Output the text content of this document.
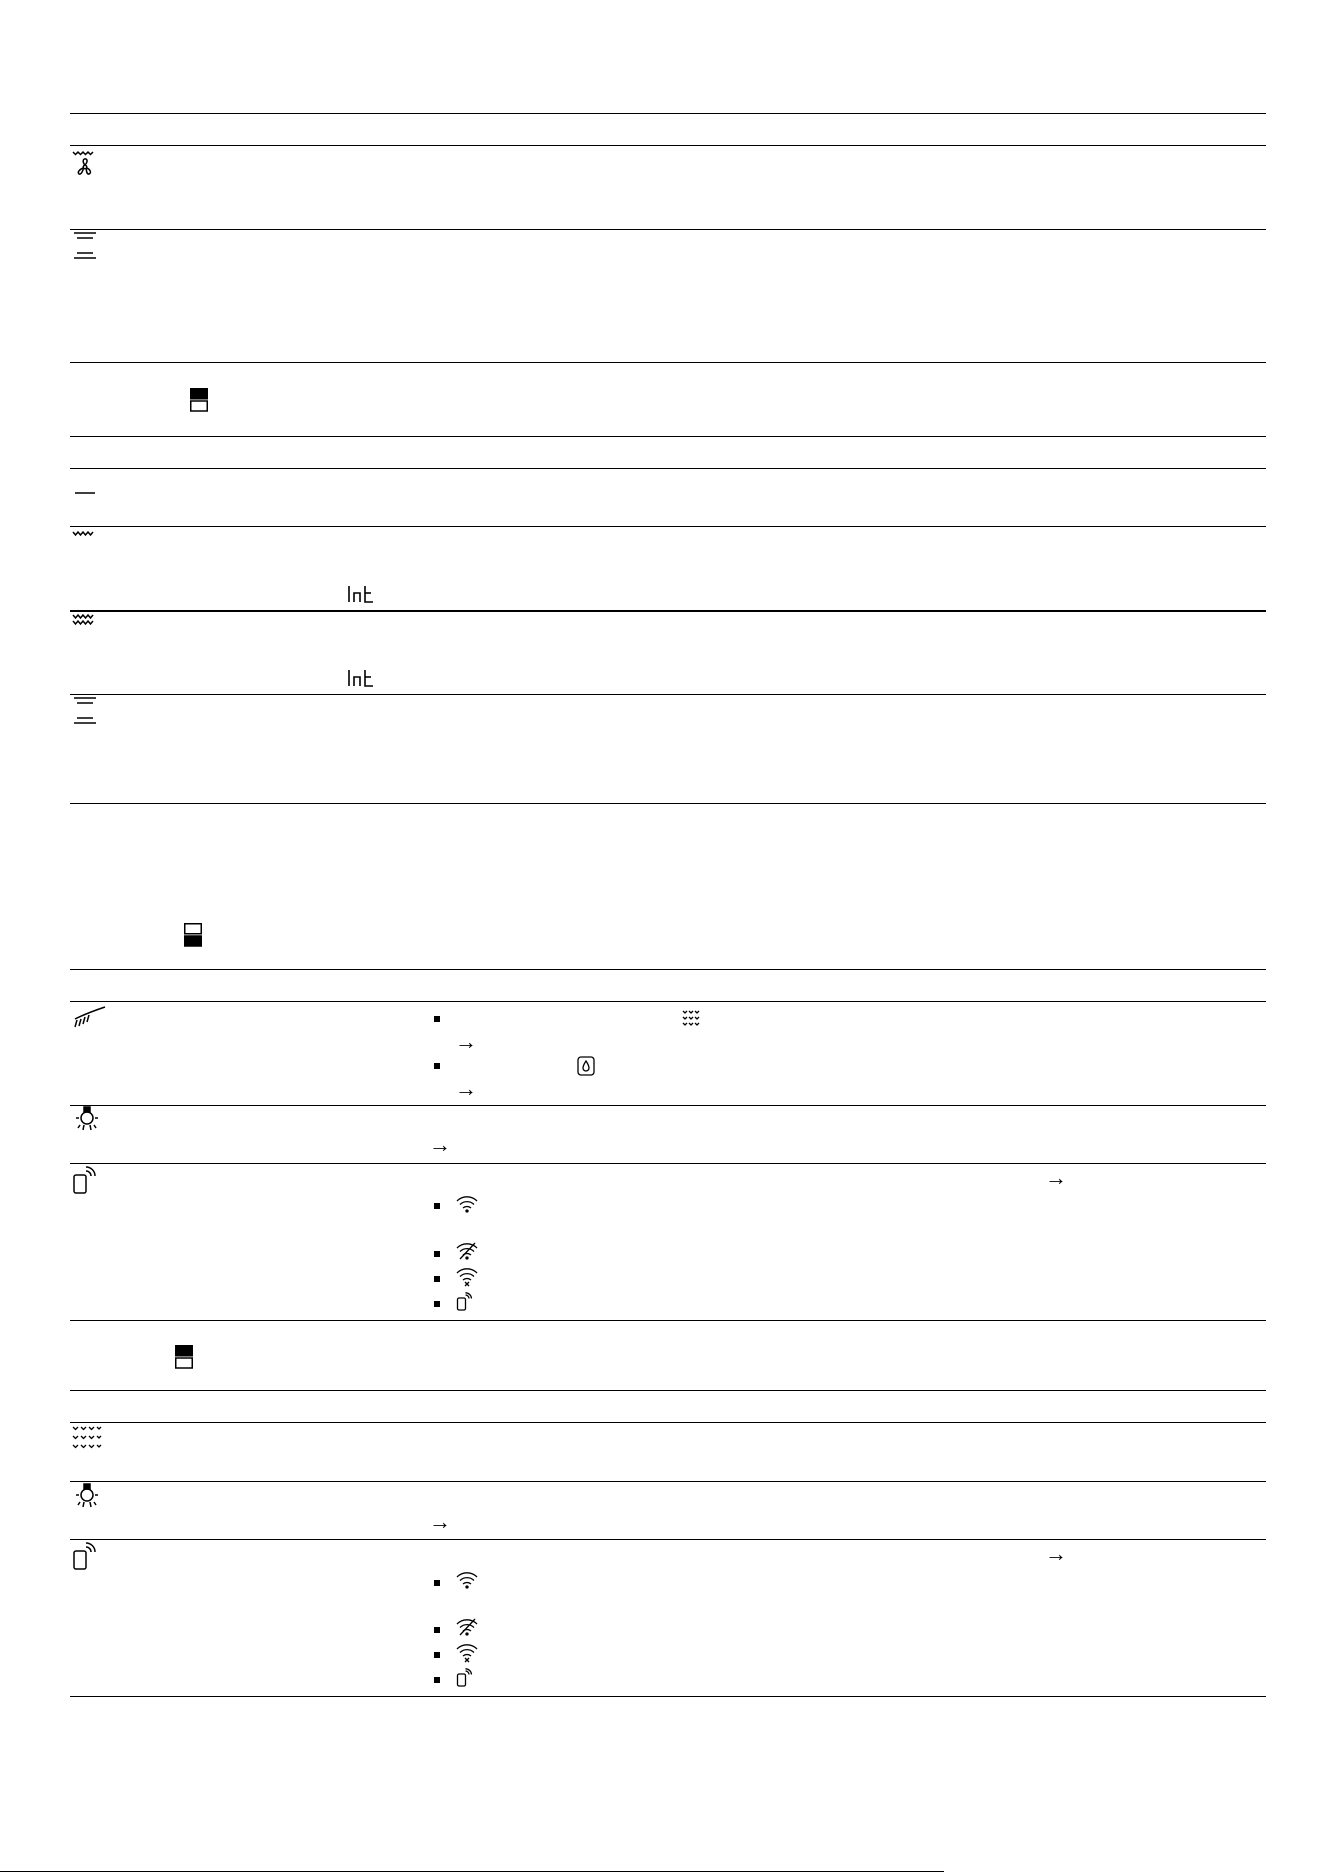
→
→
→
→
→
→
